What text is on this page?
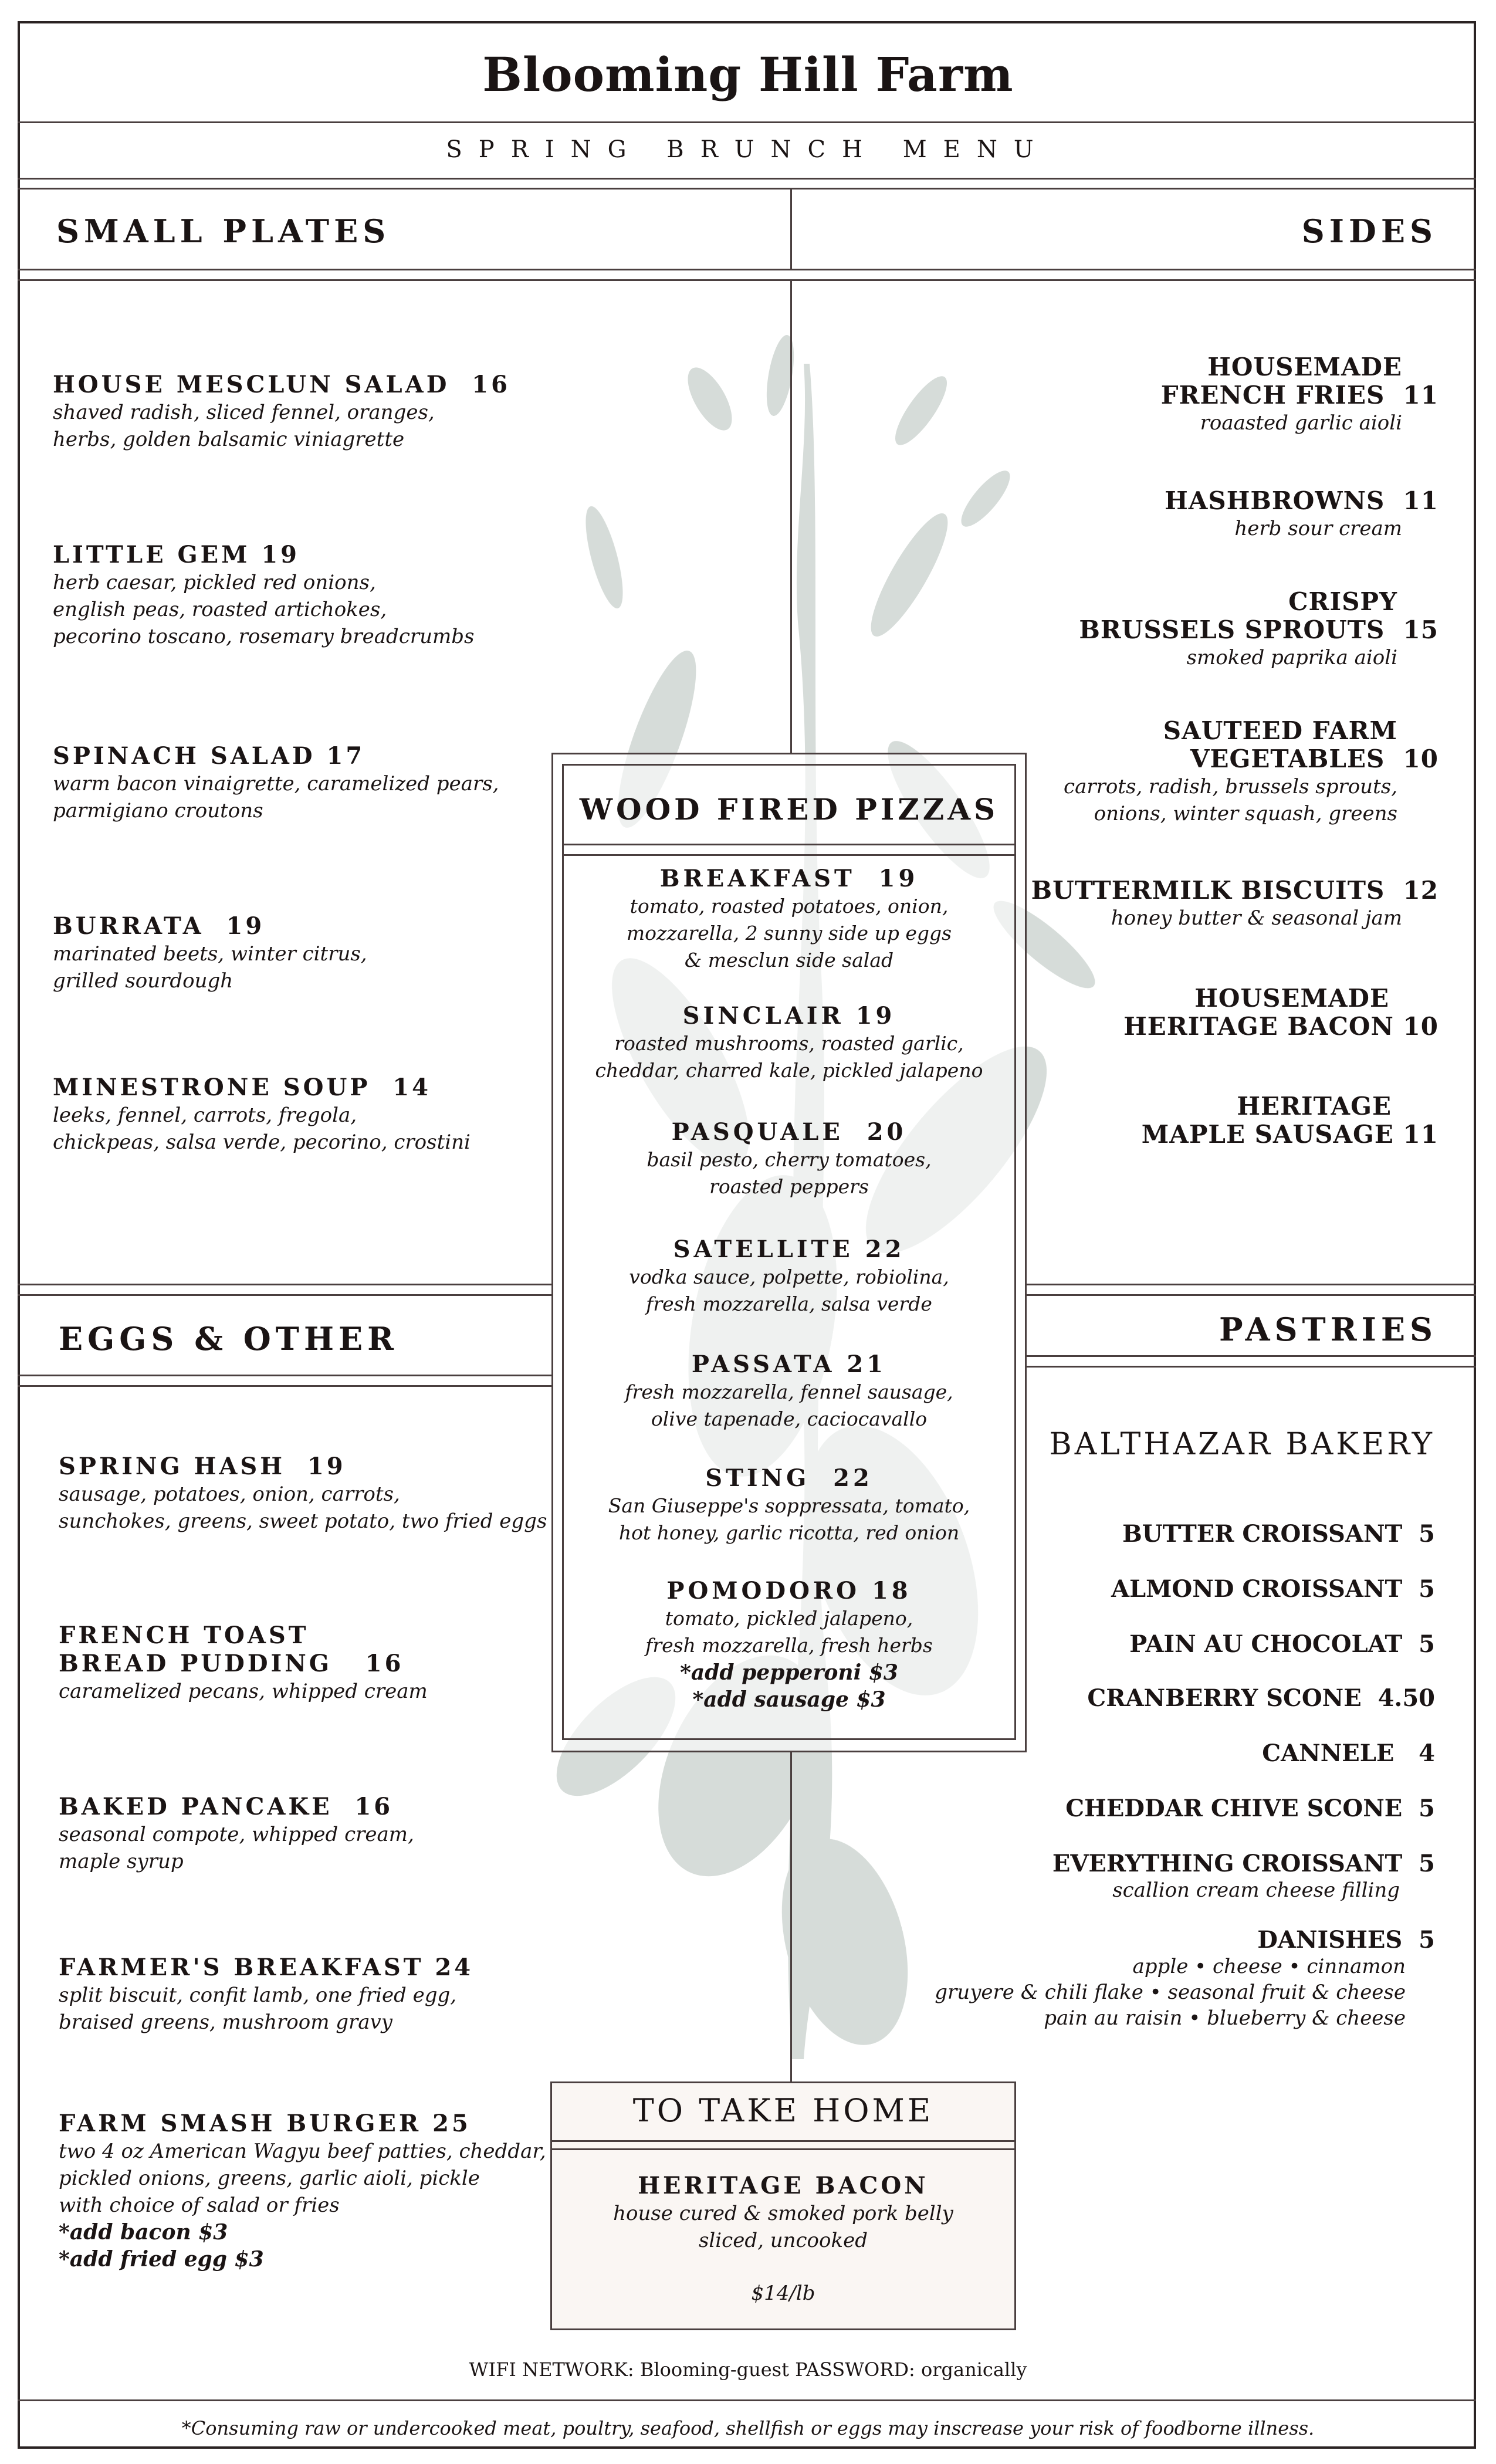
Blooming Hill Farm
SPRING BRUNCH MENU
SMALL PLATES	SIDES
HOUSE MESCLUN SALAD 16
shaved radish, sliced fennel, oranges,
herbs, golden balsamic viniagrette
LITTLE GEM 19
herb caesar, pickled red onions,
english peas, roasted artichokes,
pecorino toscano, rosemary breadcrumbs
SPINACH SALAD 17
warm bacon vinaigrette, caramelized pears,
parmigiano croutons
BURRATA 19
marinated beets, winter citrus,
grilled sourdough
MINESTRONE SOUP 14
leeks, fennel, carrots, fregola,
chickpeas, salsa verde, pecorino, crostini
HOUSEMADE
FRENCH FRIES 11
roaasted garlic aioli
HASHBROWNS 11
herb sour cream
CRISPY
BRUSSELS SPROUTS 15
smoked paprika aioli
SAUTEED FARM
VEGETABLES 10
carrots, radish, brussels sprouts,
onions, winter squash, greens
BUTTERMILK BISCUITS 12
honey butter & seasonal jam
HOUSEMADE
HERITAGE BACON 10
HERITAGE
MAPLE SAUSAGE 11
EGGS & OTHER	PASTRIES
WOOD FIRED PIZZAS
BREAKFAST 19
tomato, roasted potatoes, onion,
mozzarella, 2 sunny side up eggs
& mesclun side salad
SINCLAIR 19
roasted mushrooms, roasted garlic,
cheddar, charred kale, pickled jalapeno
PASQUALE 20
basil pesto, cherry tomatoes,
roasted peppers
SATELLITE 22
vodka sauce, polpette, robiolina,
fresh mozzarella, salsa verde
PASSATA 21
fresh mozzarella, fennel sausage,
olive tapenade, caciocavallo
STING 22
San Giuseppe's soppressata, tomato,
hot honey, garlic ricotta, red onion
POMODORO 18
tomato, pickled jalapeno,
fresh mozzarella, fresh herbs
*add pepperoni $3
*add sausage $3
SPRING HASH 19
sausage, potatoes, onion, carrots,
sunchokes, greens, sweet potato, two fried eggs
FRENCH TOAST
BREAD PUDDING 16
caramelized pecans, whipped cream
BAKED PANCAKE 16
seasonal compote, whipped cream,
maple syrup
FARMER'S BREAKFAST 24
split biscuit, confit lamb, one fried egg,
braised greens, mushroom gravy
FARM SMASH BURGER 25
two 4 oz American Wagyu beef patties, cheddar,
pickled onions, greens, garlic aioli, pickle
with choice of salad or fries
*add bacon $3
*add fried egg $3
BALTHAZAR BAKERY
BUTTER CROISSANT 5
ALMOND CROISSANT 5
PAIN AU CHOCOLAT 5
CRANBERRY SCONE 4.50
CANNELE 4
CHEDDAR CHIVE SCONE 5
EVERYTHING CROISSANT 5
scallion cream cheese filling
DANISHES 5
apple • cheese • cinnamon
gruyere & chili flake • seasonal fruit & cheese
pain au raisin • blueberry & cheese
TO TAKE HOME
HERITAGE BACON
house cured & smoked pork belly
sliced, uncooked
$14/lb
WIFI NETWORK: Blooming-guest PASSWORD: organically
*Consuming raw or undercooked meat, poultry, seafood, shellfish or eggs may inscrease your risk of foodborne illness.
